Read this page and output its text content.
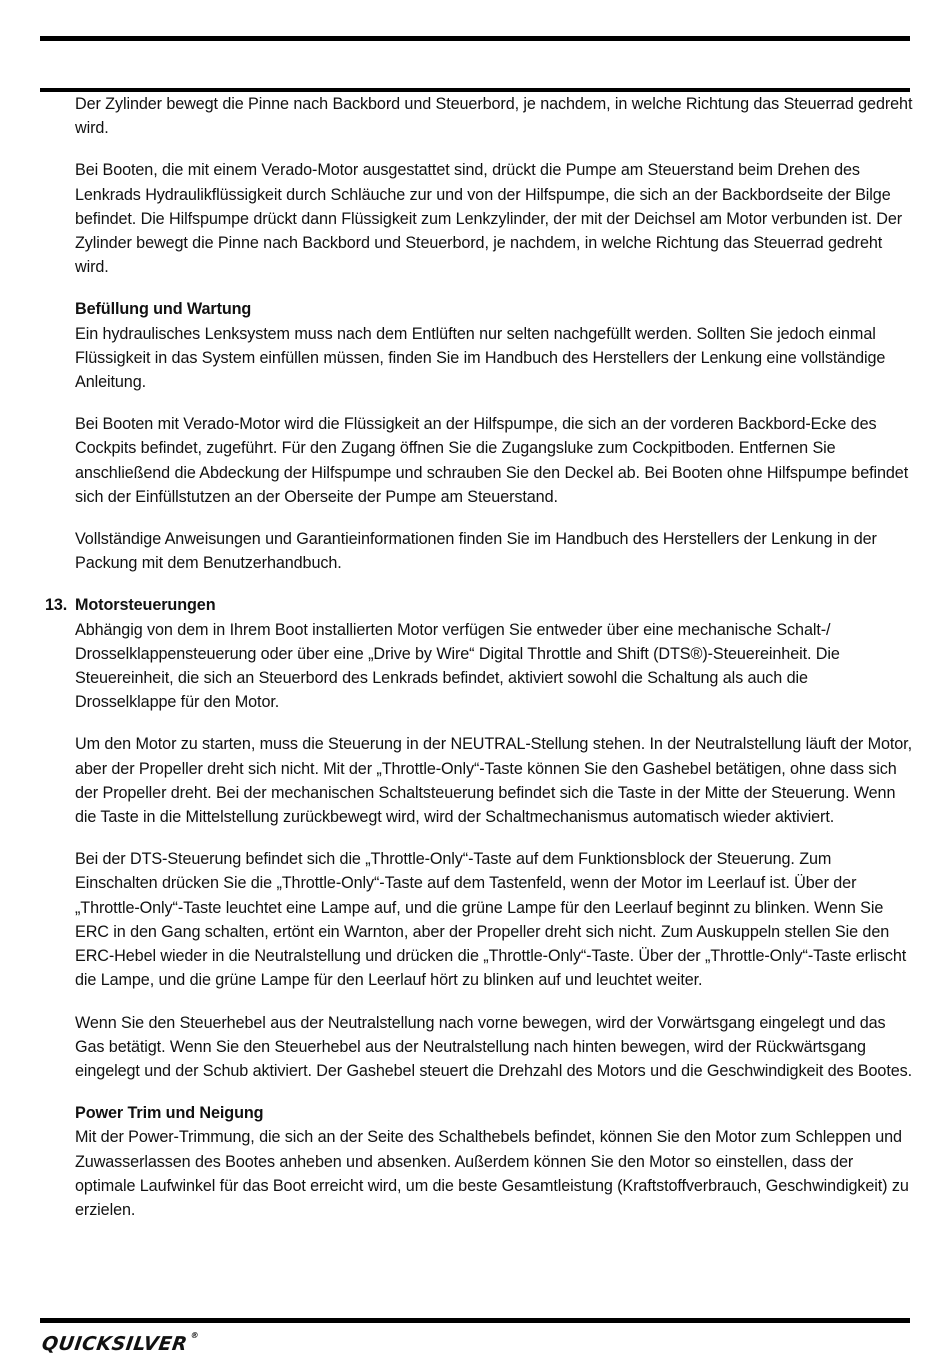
Der Zylinder bewegt die Pinne nach Backbord und Steuerbord, je nachdem, in welche Richtung das Steuerrad gedreht wird.

Bei Booten, die mit einem Verado-Motor ausgestattet sind, drückt die Pumpe am Steuerstand beim Drehen des Lenkrads Hydraulikflüssigkeit durch Schläuche zur und von der Hilfspumpe, die sich an der Backbordseite der Bilge befindet. Die Hilfspumpe drückt dann Flüssigkeit zum Lenkzylinder, der mit der Deichsel am Motor verbunden ist. Der Zylinder bewegt die Pinne nach Backbord und Steuerbord, je nachdem, in welche Richtung das Steuerrad gedreht wird.

Befüllung und Wartung

Ein hydraulisches Lenksystem muss nach dem Entlüften nur selten nachgefüllt werden. Sollten Sie jedoch einmal Flüssigkeit in das System einfüllen müssen, finden Sie im Handbuch des Herstellers der Lenkung eine vollständige Anleitung.

Bei Booten mit Verado-Motor wird die Flüssigkeit an der Hilfspumpe, die sich an der vorderen Backbord-Ecke des Cockpits befindet, zugeführt. Für den Zugang öffnen Sie die Zugangsluke zum Cockpitboden. Entfernen Sie anschließend die Abdeckung der Hilfspumpe und schrauben Sie den Deckel ab. Bei Booten ohne Hilfspumpe befindet sich der Einfüllstutzen an der Oberseite der Pumpe am Steuerstand.

Vollständige Anweisungen und Garantieinformationen finden Sie im Handbuch des Herstellers der Lenkung in der Packung mit dem Benutzerhandbuch.

13. Motorsteuerungen

Abhängig von dem in Ihrem Boot installierten Motor verfügen Sie entweder über eine mechanische Schalt-/ Drosselklappensteuerung oder über eine „Drive by Wire“ Digital Throttle and Shift (DTS®)-Steuereinheit. Die Steuereinheit, die sich an Steuerbord des Lenkrads befindet, aktiviert sowohl die Schaltung als auch die Drosselklappe für den Motor.

Um den Motor zu starten, muss die Steuerung in der NEUTRAL-Stellung stehen. In der Neutralstellung läuft der Motor, aber der Propeller dreht sich nicht. Mit der „Throttle-Only“-Taste können Sie den Gashebel betätigen, ohne dass sich der Propeller dreht. Bei der mechanischen Schaltsteuerung befindet sich die Taste in der Mitte der Steuerung. Wenn die Taste in die Mittelstellung zurückbewegt wird, wird der Schaltmechanismus automatisch wieder aktiviert.

Bei der DTS-Steuerung befindet sich die „Throttle-Only“-Taste auf dem Funktionsblock der Steuerung. Zum Einschalten drücken Sie die „Throttle-Only“-Taste auf dem Tastenfeld, wenn der Motor im Leerlauf ist. Über der „Throttle-Only“-Taste leuchtet eine Lampe auf, und die grüne Lampe für den Leerlauf beginnt zu blinken. Wenn Sie ERC in den Gang schalten, ertönt ein Warnton, aber der Propeller dreht sich nicht. Zum Auskuppeln stellen Sie den ERC-Hebel wieder in die Neutralstellung und drücken die „Throttle-Only“-Taste. Über der „Throttle-Only“-Taste erlischt die Lampe, und die grüne Lampe für den Leerlauf hört zu blinken auf und leuchtet weiter.

Wenn Sie den Steuerhebel aus der Neutralstellung nach vorne bewegen, wird der Vorwärtsgang eingelegt und das Gas betätigt. Wenn Sie den Steuerhebel aus der Neutralstellung nach hinten bewegen, wird der Rückwärtsgang eingelegt und der Schub aktiviert. Der Gashebel steuert die Drehzahl des Motors und die Geschwindigkeit des Bootes.

Power Trim und Neigung

Mit der Power-Trimmung, die sich an der Seite des Schalthebels befindet, können Sie den Motor zum Schleppen und Zuwasserlassen des Bootes anheben und absenken. Außerdem können Sie den Motor so einstellen, dass der optimale Laufwinkel für das Boot erreicht wird, um die beste Gesamtleistung (Kraftstoffverbrauch, Geschwindigkeit) zu erzielen.

QUICKSILVER®
